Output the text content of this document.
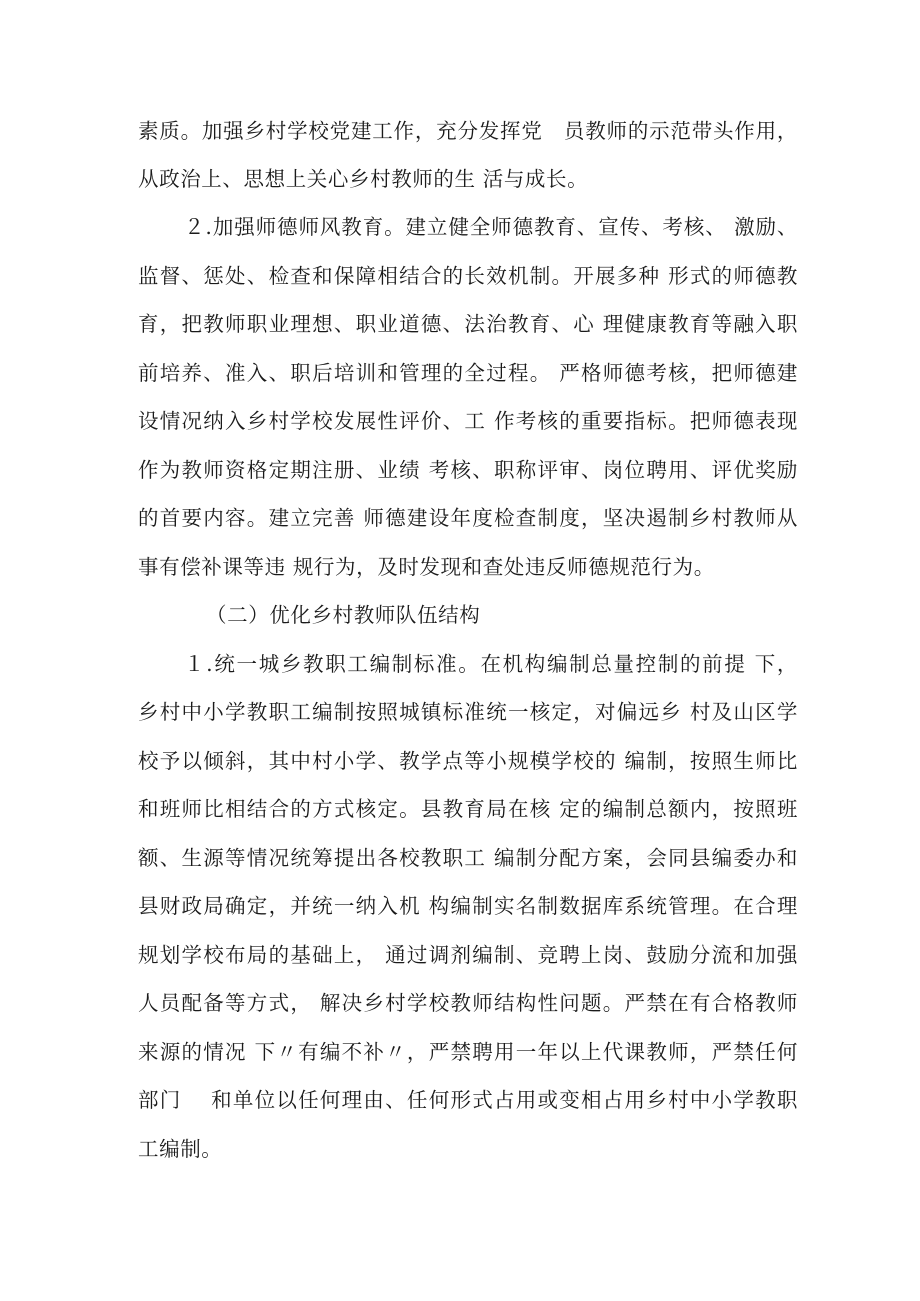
素质。加强乡村学校党建工作，充分发挥党　员教师的示范带头作用，
从政治上、思想上关心乡村教师的生 活与成长。
２.加强师德师风教育。建立健全师德教育、宣传、考核、 激励、
监督、惩处、检查和保障相结合的长效机制。开展多种 形式的师德教
育，把教师职业理想、职业道德、法治教育、心 理健康教育等融入职
前培养、准入、职后培训和管理的全过程。 严格师德考核，把师德建
设情况纳入乡村学校发展性评价、工 作考核的重要指标。把师德表现
作为教师资格定期注册、业绩 考核、职称评审、岗位聘用、评优奖励
的首要内容。建立完善 师德建设年度检查制度，坚决遏制乡村教师从
事有偿补课等违 规行为，及时发现和查处违反师德规范行为。
（二）优化乡村教师队伍结构
１.统一城乡教职工编制标准。在机构编制总量控制的前提 下，
乡村中小学教职工编制按照城镇标准统一核定，对偏远乡 村及山区学
校予以倾斜，其中村小学、教学点等小规模学校的 编制，按照生师比
和班师比相结合的方式核定。县教育局在核 定的编制总额内，按照班
额、生源等情况统筹提出各校教职工 编制分配方案，会同县编委办和
县财政局确定，并统一纳入机 构编制实名制数据库系统管理。在合理
规划学校布局的基础上， 通过调剂编制、竞聘上岗、鼓励分流和加强
人员配备等方式， 解决乡村学校教师结构性问题。严禁在有合格教师
来源的情况 下〃有编不补〃，严禁聘用一年以上代课教师，严禁任何
部门　 和单位以任何理由、任何形式占用或变相占用乡村中小学教职
工编制。
